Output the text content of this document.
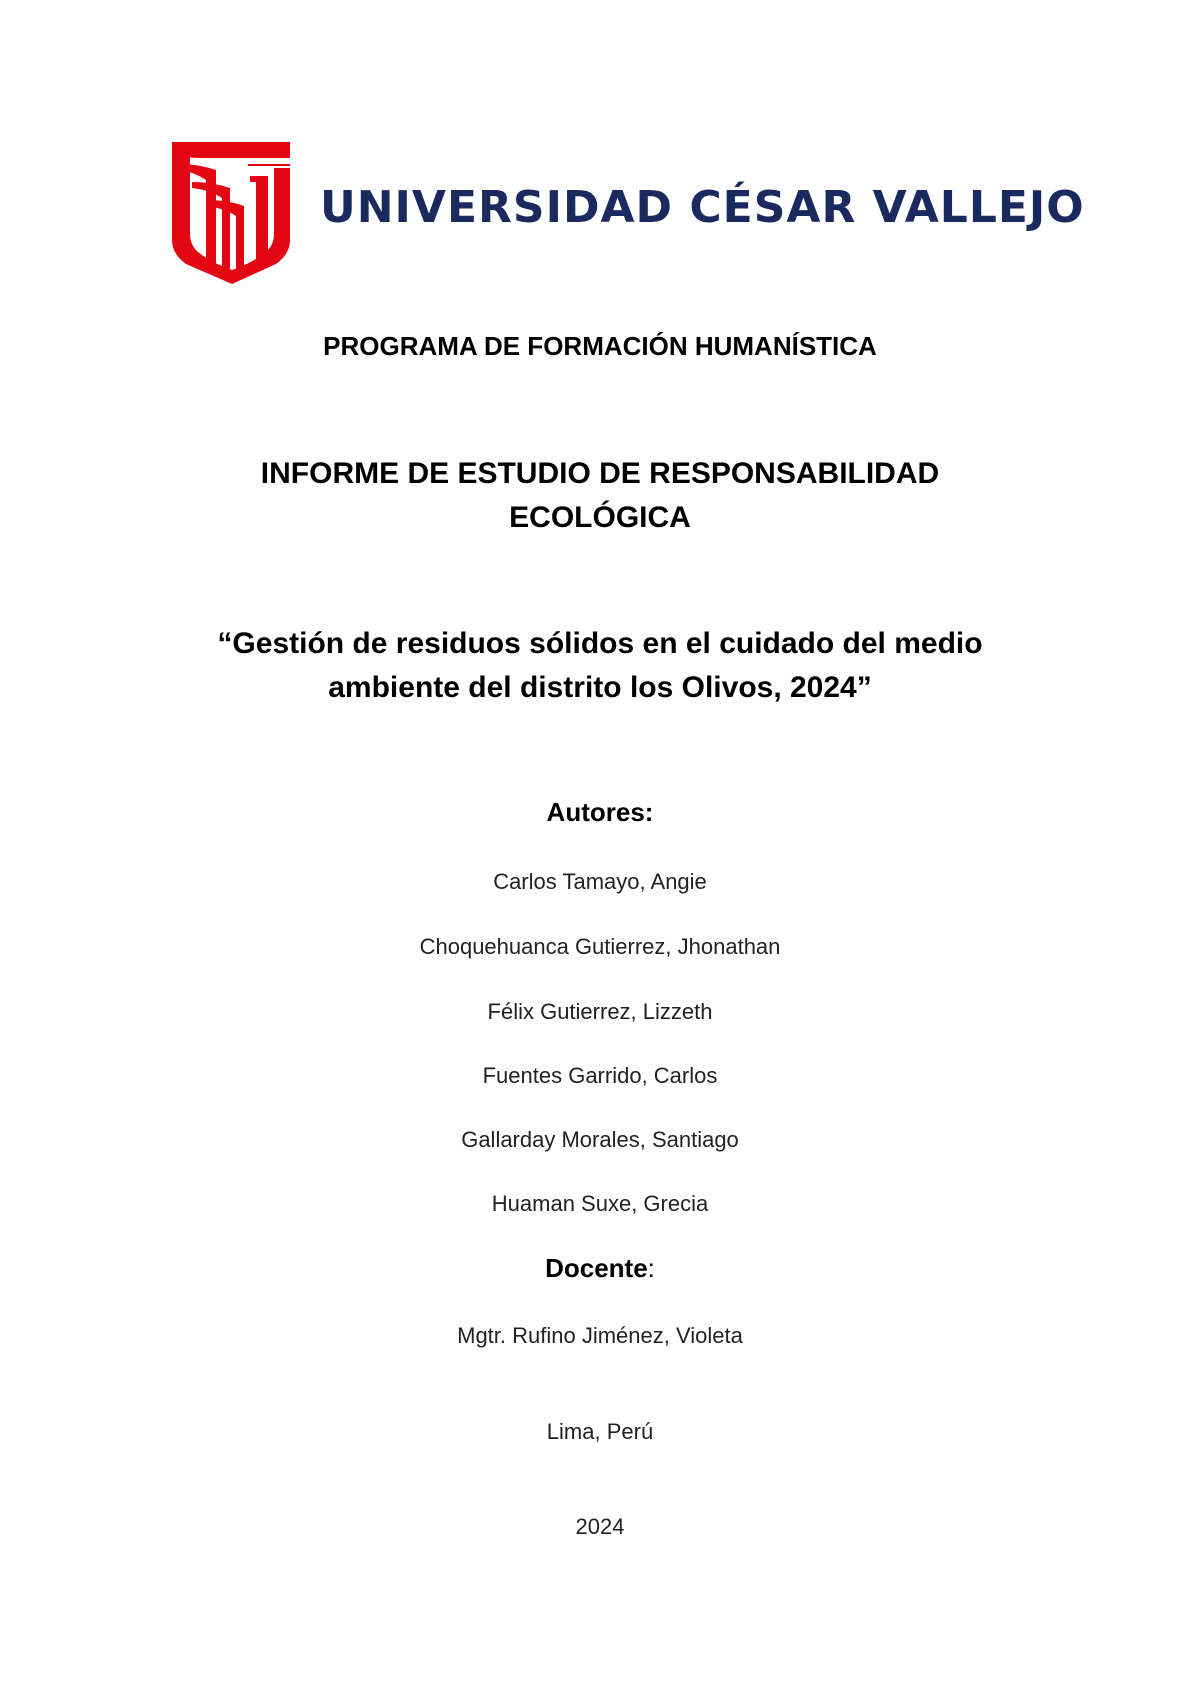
UNIVERSIDAD CÉSAR VALLEJO
PROGRAMA DE FORMACIÓN HUMANÍSTICA
INFORME DE ESTUDIO DE RESPONSABILIDAD
ECOLÓGICA
“Gestión de residuos sólidos en el cuidado del medio
ambiente del distrito los Olivos, 2024”
Autores:
Carlos Tamayo, Angie
Choquehuanca Gutierrez, Jhonathan
Félix Gutierrez, Lizzeth
Fuentes Garrido, Carlos
Gallarday Morales, Santiago
Huaman Suxe, Grecia
Docente:
Mgtr. Rufino Jiménez, Violeta
Lima, Perú
2024
